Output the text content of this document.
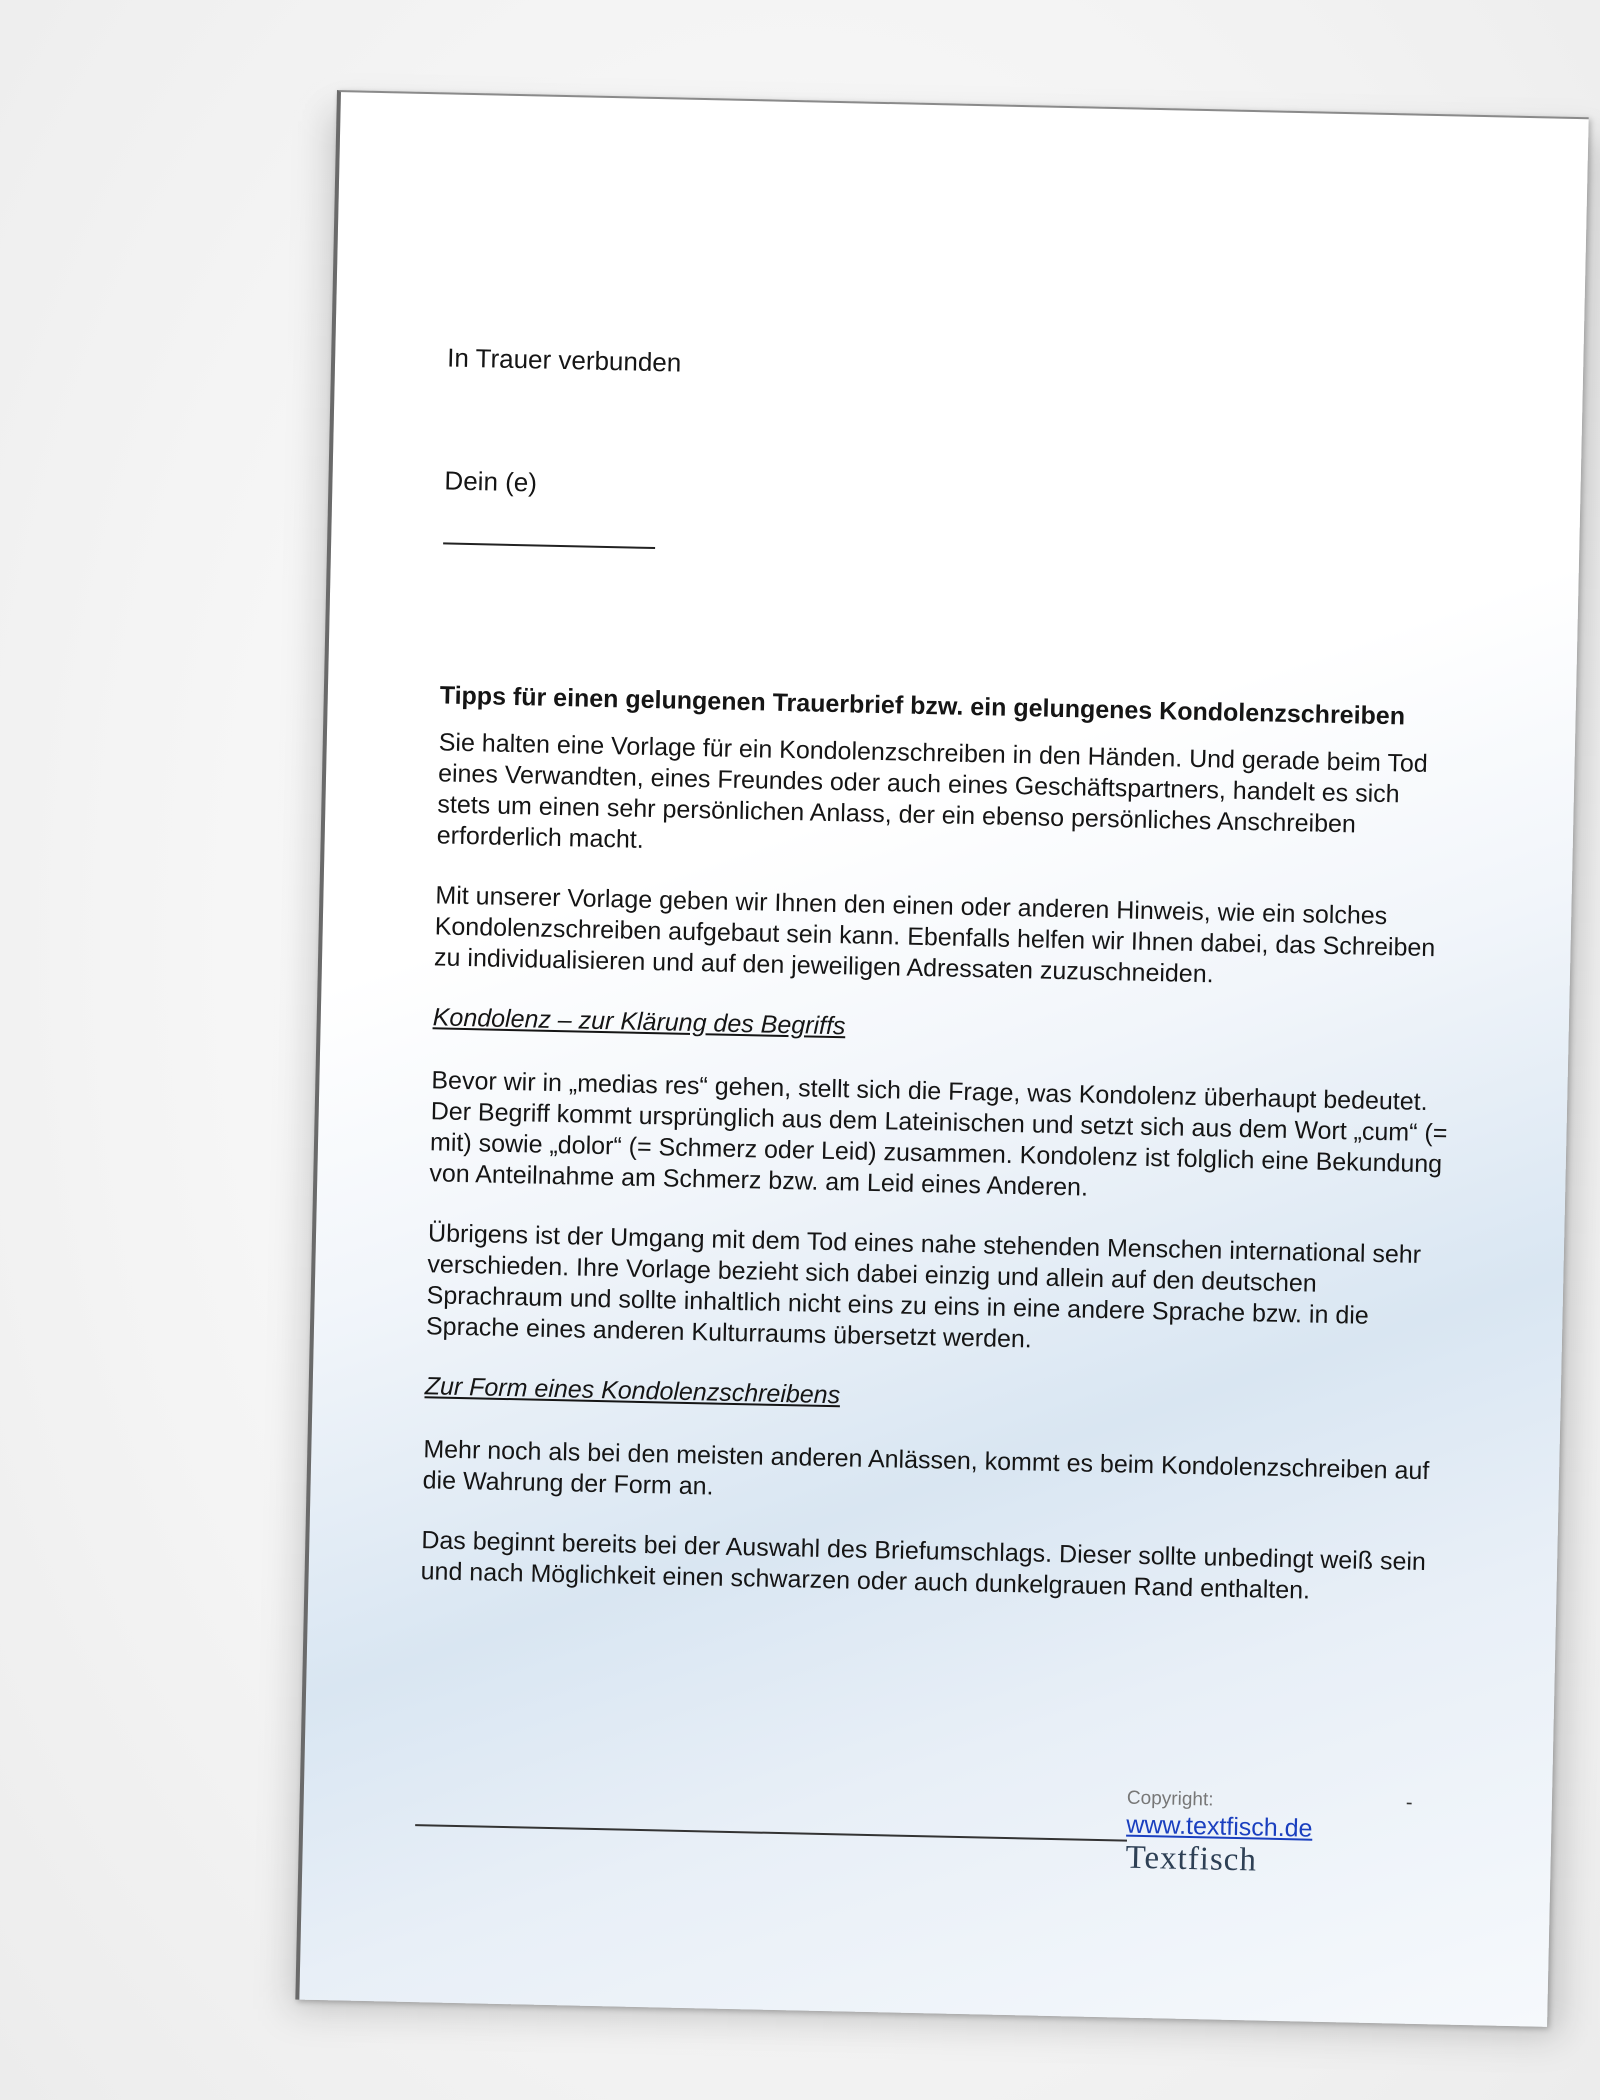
In Trauer verbunden

Dein (e)

Tipps für einen gelungenen Trauerbrief bzw. ein gelungenes Kondolenzschreiben

Sie halten eine Vorlage für ein Kondolenzschreiben in den Händen. Und gerade beim Tod eines Verwandten, eines Freundes oder auch eines Geschäftspartners, handelt es sich stets um einen sehr persönlichen Anlass, der ein ebenso persönliches Anschreiben erforderlich macht.

Mit unserer Vorlage geben wir Ihnen den einen oder anderen Hinweis, wie ein solches Kondolenzschreiben aufgebaut sein kann. Ebenfalls helfen wir Ihnen dabei, das Schreiben zu individualisieren und auf den jeweiligen Adressaten zuzuschneiden.

Kondolenz – zur Klärung des Begriffs

Bevor wir in „medias res“ gehen, stellt sich die Frage, was Kondolenz überhaupt bedeutet. Der Begriff kommt ursprünglich aus dem Lateinischen und setzt sich aus dem Wort „cum“ (= mit) sowie „dolor“ (= Schmerz oder Leid) zusammen. Kondolenz ist folglich eine Bekundung von Anteilnahme am Schmerz bzw. am Leid eines Anderen.

Übrigens ist der Umgang mit dem Tod eines nahe stehenden Menschen international sehr verschieden. Ihre Vorlage bezieht sich dabei einzig und allein auf den deutschen Sprachraum und sollte inhaltlich nicht eins zu eins in eine andere Sprache bzw. in die Sprache eines anderen Kulturraums übersetzt werden.

Zur Form eines Kondolenzschreibens

Mehr noch als bei den meisten anderen Anlässen, kommt es beim Kondolenzschreiben auf die Wahrung der Form an.

Das beginnt bereits bei der Auswahl des Briefumschlags. Dieser sollte unbedingt weiß sein und nach Möglichkeit einen schwarzen oder auch dunkelgrauen Rand enthalten.

Copyright:
www.textfisch.de
Textfisch
-
